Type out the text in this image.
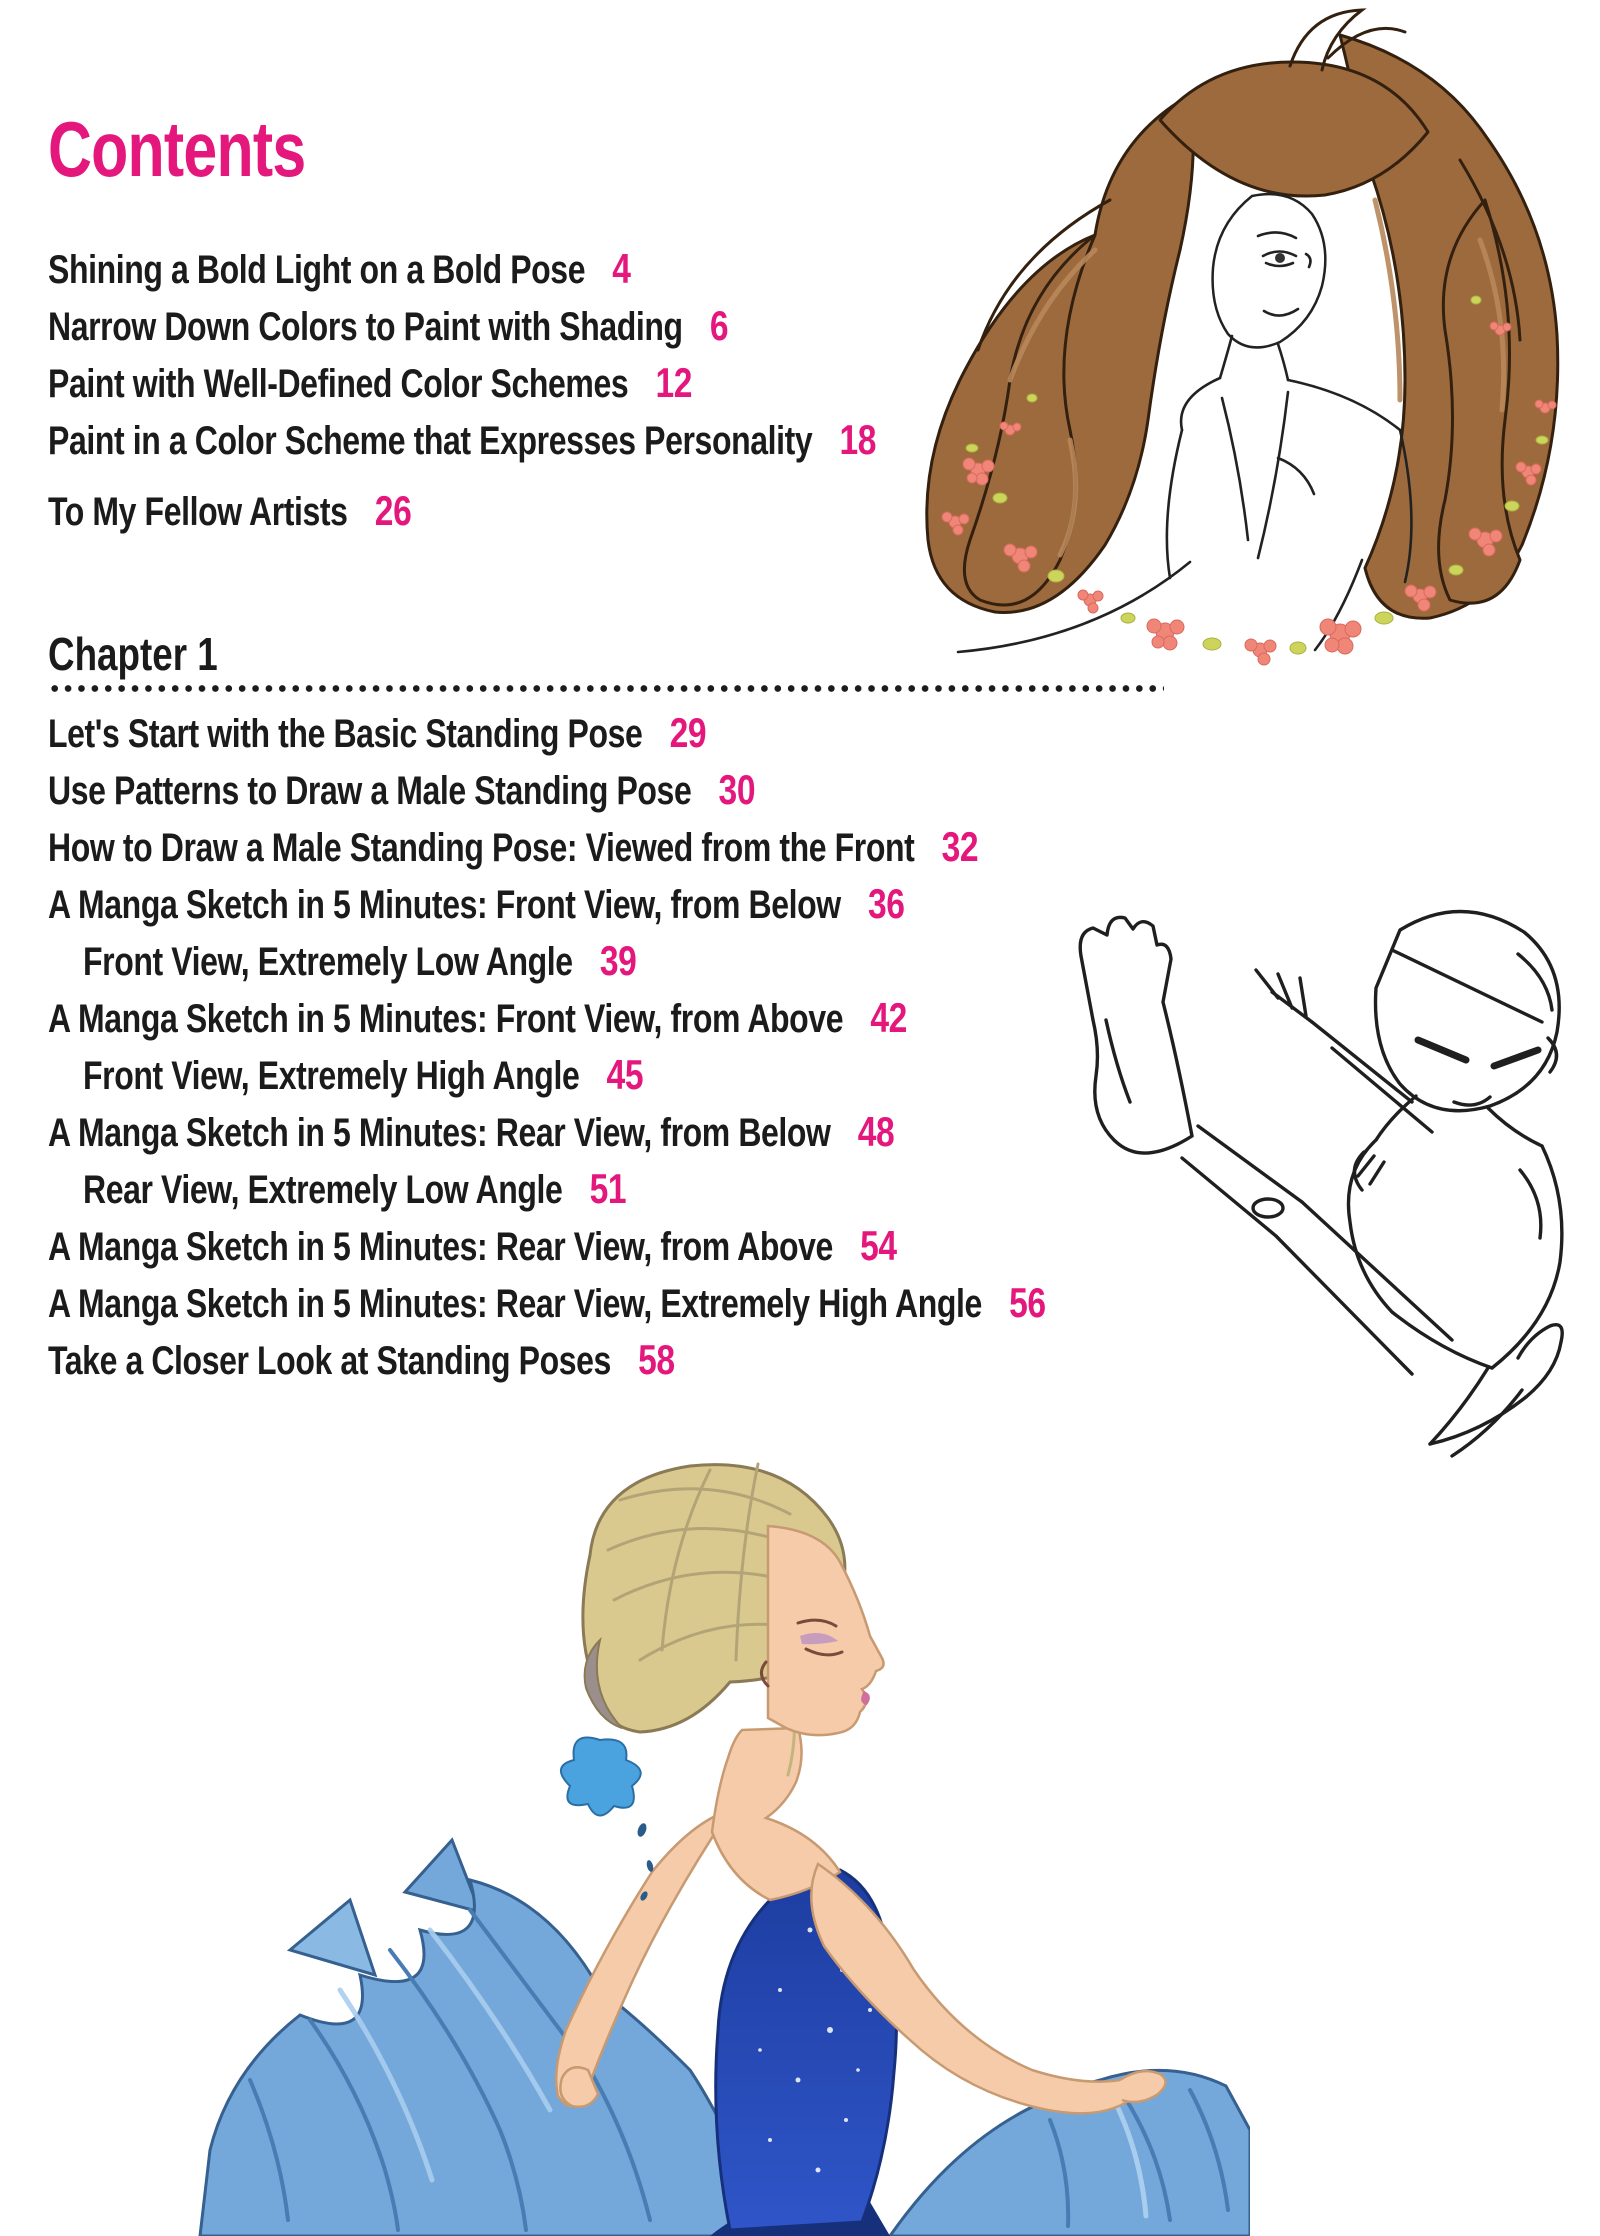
Contents
Shining a Bold Light on a Bold Pose 4
Narrow Down Colors to Paint with Shading 6
Paint with Well-Defined Color Schemes 12
Paint in a Color Scheme that Expresses Personality 18
To My Fellow Artists 26
Chapter 1
Let's Start with the Basic Standing Pose 29
Use Patterns to Draw a Male Standing Pose 30
How to Draw a Male Standing Pose: Viewed from the Front 32
A Manga Sketch in 5 Minutes: Front View, from Below 36
Front View, Extremely Low Angle 39
A Manga Sketch in 5 Minutes: Front View, from Above 42
Front View, Extremely High Angle 45
A Manga Sketch in 5 Minutes: Rear View, from Below 48
Rear View, Extremely Low Angle 51
A Manga Sketch in 5 Minutes: Rear View, from Above 54
A Manga Sketch in 5 Minutes: Rear View, Extremely High Angle 56
Take a Closer Look at Standing Poses 58
